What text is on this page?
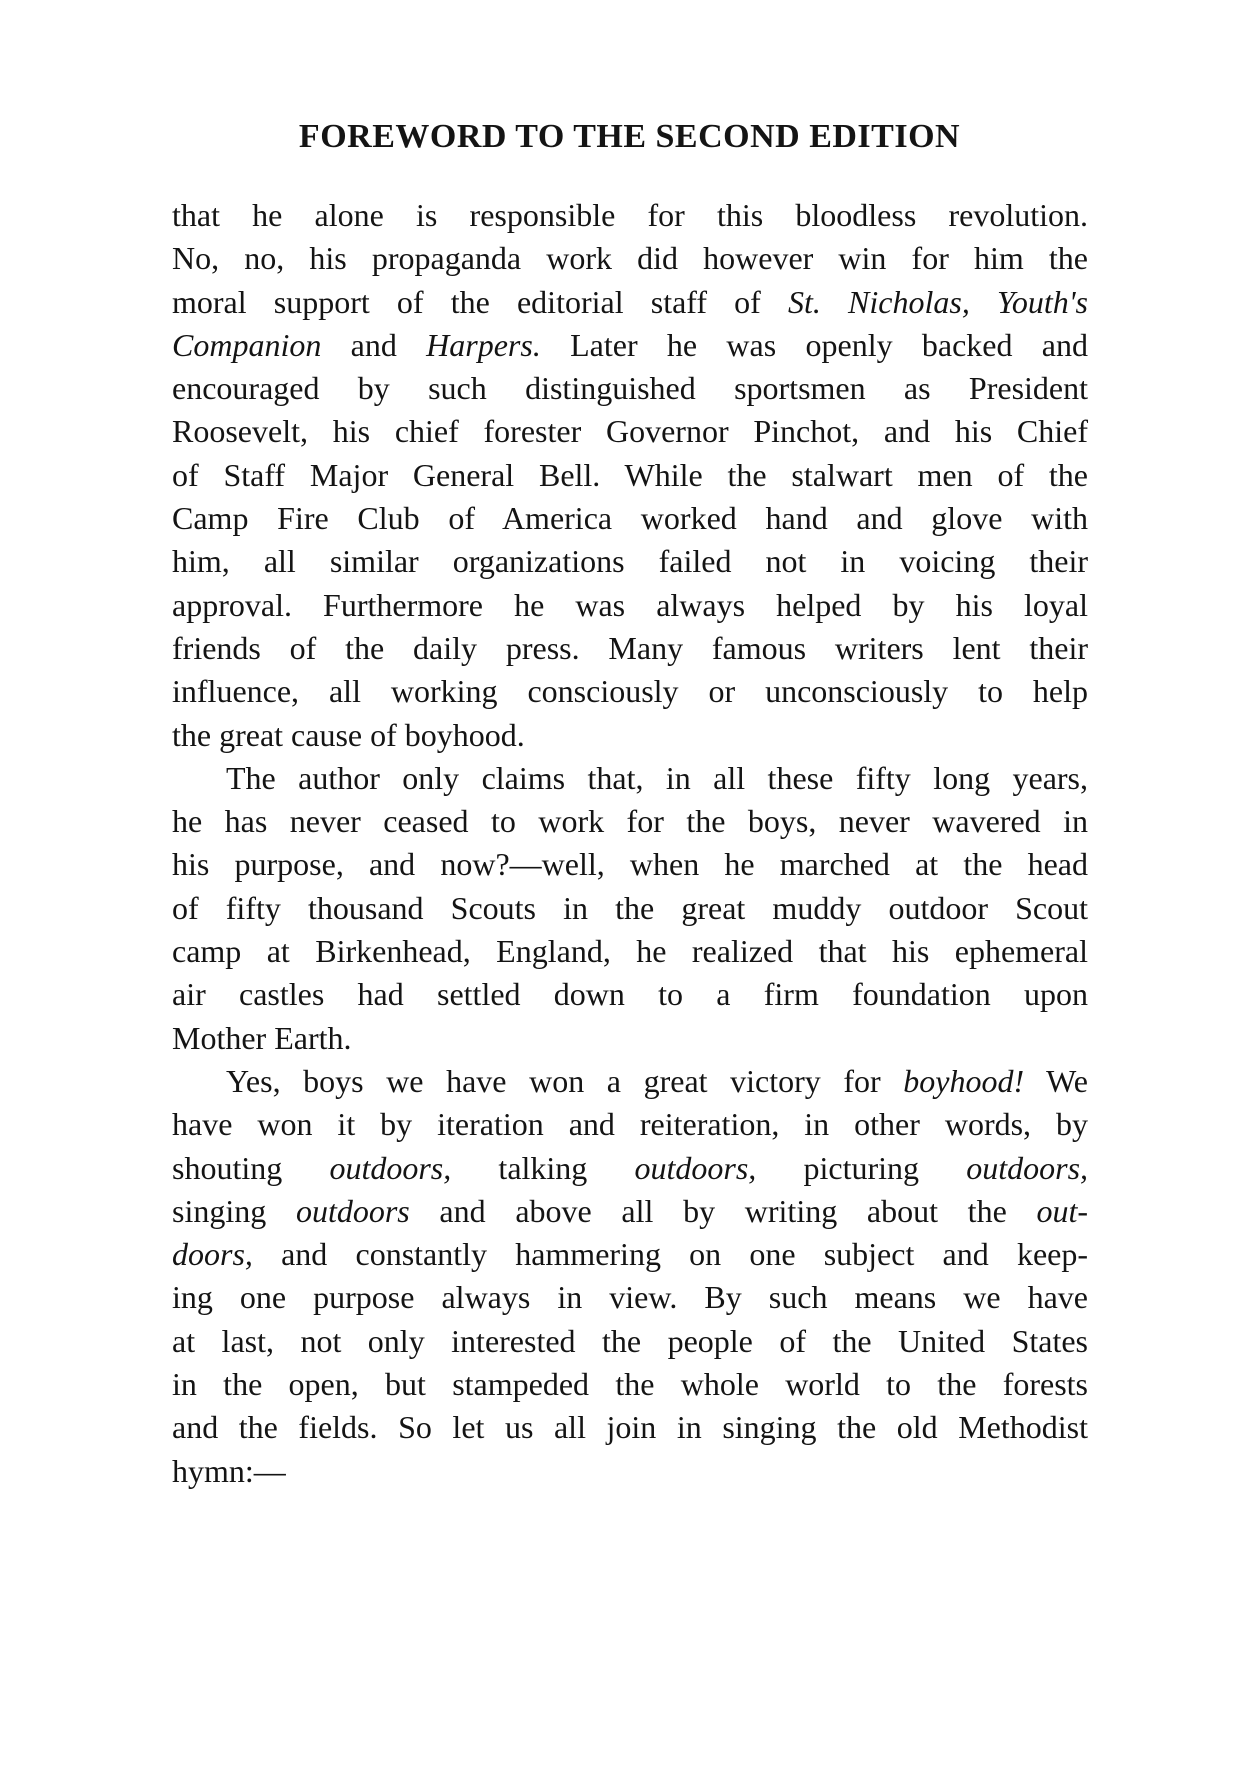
FOREWORD TO THE SECOND EDITION
that he alone is responsible for this bloodless revolution.
No, no, his propaganda work did however win for him the
moral support of the editorial staff of St. Nicholas, Youth's
Companion and Harpers. Later he was openly backed and
encouraged by such distinguished sportsmen as President
Roosevelt, his chief forester Governor Pinchot, and his Chief
of Staff Major General Bell. While the stalwart men of the
Camp Fire Club of America worked hand and glove with
him, all similar organizations failed not in voicing their
approval. Furthermore he was always helped by his loyal
friends of the daily press. Many famous writers lent their
influence, all working consciously or unconsciously to help
the great cause of boyhood.
The author only claims that, in all these fifty long years,
he has never ceased to work for the boys, never wavered in
his purpose, and now?—well, when he marched at the head
of fifty thousand Scouts in the great muddy outdoor Scout
camp at Birkenhead, England, he realized that his ephemeral
air castles had settled down to a firm foundation upon
Mother Earth.
Yes, boys we have won a great victory for boyhood! We
have won it by iteration and reiteration, in other words, by
shouting outdoors, talking outdoors, picturing outdoors,
singing outdoors and above all by writing about the out-
doors, and constantly hammering on one subject and keep-
ing one purpose always in view. By such means we have
at last, not only interested the people of the United States
in the open, but stampeded the whole world to the forests
and the fields. So let us all join in singing the old Methodist
hymn:—
